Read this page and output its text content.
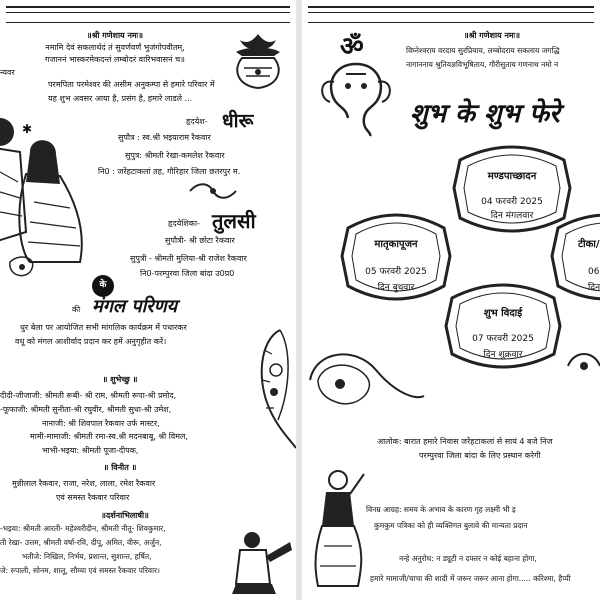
॥श्री गणेशाय नमः॥
नमामि देवं सकलार्थदं तं सुवर्णवर्णं भुजंगोपवीतम्,
गजाननं भास्करमेकदन्तं लम्बोदरं वारिभवासनं च॥
न्यवर
परमपिता परमेश्वर की असीम अनुकम्पा से हमारे परिवार में
यह शुभ अवसर आया है, प्रसंग है, हमारे लाडले ...
✱
हृदयेश- धीरू
सुपौत्र : स्व.श्री भइयाराम रैकवार
सुपुत्र: श्रीमती रेखा-कमलेश रैकवार
नि0 : जरेंहटाकलां तह, गौरिहार जिला छतरपुर म.
हृदयेशिका- तुलसी
सुपौत्री- श्री छोटा रैकवार
सुपुत्री - श्रीमती मुलिया-श्री राजेश रैकवार
नि0-परम्पुरवा जिला बांदा उ0प्र0
के
की मंगल परिणय
धुर बेला पर आयोजित सभी मांगलिक कार्यक्रम में पधारकर
वधू को मंगल आशीर्वाद प्रदान कर हमें अनुगृहीत करें।
॥ शुभेच्छु ॥
दीदी-जीजाजी: श्रीमती रूबी- श्री राम, श्रीमती रूपा-श्री प्रमोद,
-फूफाजी: श्रीमती सुनीता-श्री रघुवीर, श्रीमती सुधा-श्री उमेश,
नानाजी: श्री शिवपाल रैकवार उर्फ मास्टर,
मामी-मामाजी: श्रीमती रमा-स्व.श्री मदनबाबू, श्री विमल,
भाभी-भइया: श्रीमती पूजा-दीपक,
॥ विनीत ॥
मुन्नीलाल रैकवार, राजा, नरेश, लाला, रमेश रैकवार
एवं समस्त रैकवार परिवार
॥दर्शनाभिलाषी॥
-भइया: श्रीमती आरती- महेश्वरीदीन, श्रीमती नीतू- शिवकुमार,
ती रेखा- उत्तम, श्रीमती वर्षा-रवि, दीपू, अमित, वीरू, अर्जुन,
भतीजे: निखिल, निर्भय, प्रशान्त, सुशान्त, हर्षित,
जे: रुपाली, सोनम, शालू, सौम्या एवं समस्त रैकवार परिवार।
॥श्री गणेशाय नमः॥
विघ्नेश्वराय वरदाय सुरप्रियाय, लम्बोदराय सकलाय जगद्धि
नागाननाय श्रुतियज्ञविभूषिताय, गौरीसुताय गणनाथ नमो न
ॐ
शुभ के शुभ फेरे
मण्डपाच्छादन
04 फरवरी 2025
दिन मंगलवार
मातृकापूजन
05 फरवरी 2025
दिन बुधवार
टीका/
06
दिन
शुभ विदाई
07 फरवरी 2025
दिन शुक्रवार
आलोक: बारात हमारे निवास जरेंहटाकलां से सायं 4 बजे निज
परम्पुरवा जिला बांदा के लिए प्रस्थान करेगी
विनम्र आग्रह: समय के अभाव के कारण गृह लक्ष्मी भी इ
कुमकुम पत्रिका को ही व्यक्तिगत बुलावे की मान्यता प्रदान
नन्हे अनुरोध: न ड्यूटी न दफ्तर न कोई बहाना होगा,
हमारे मामाजी/चाचा की शादी में जरूर जरूर आना होगा..... करिश्मा, हैप्पी
